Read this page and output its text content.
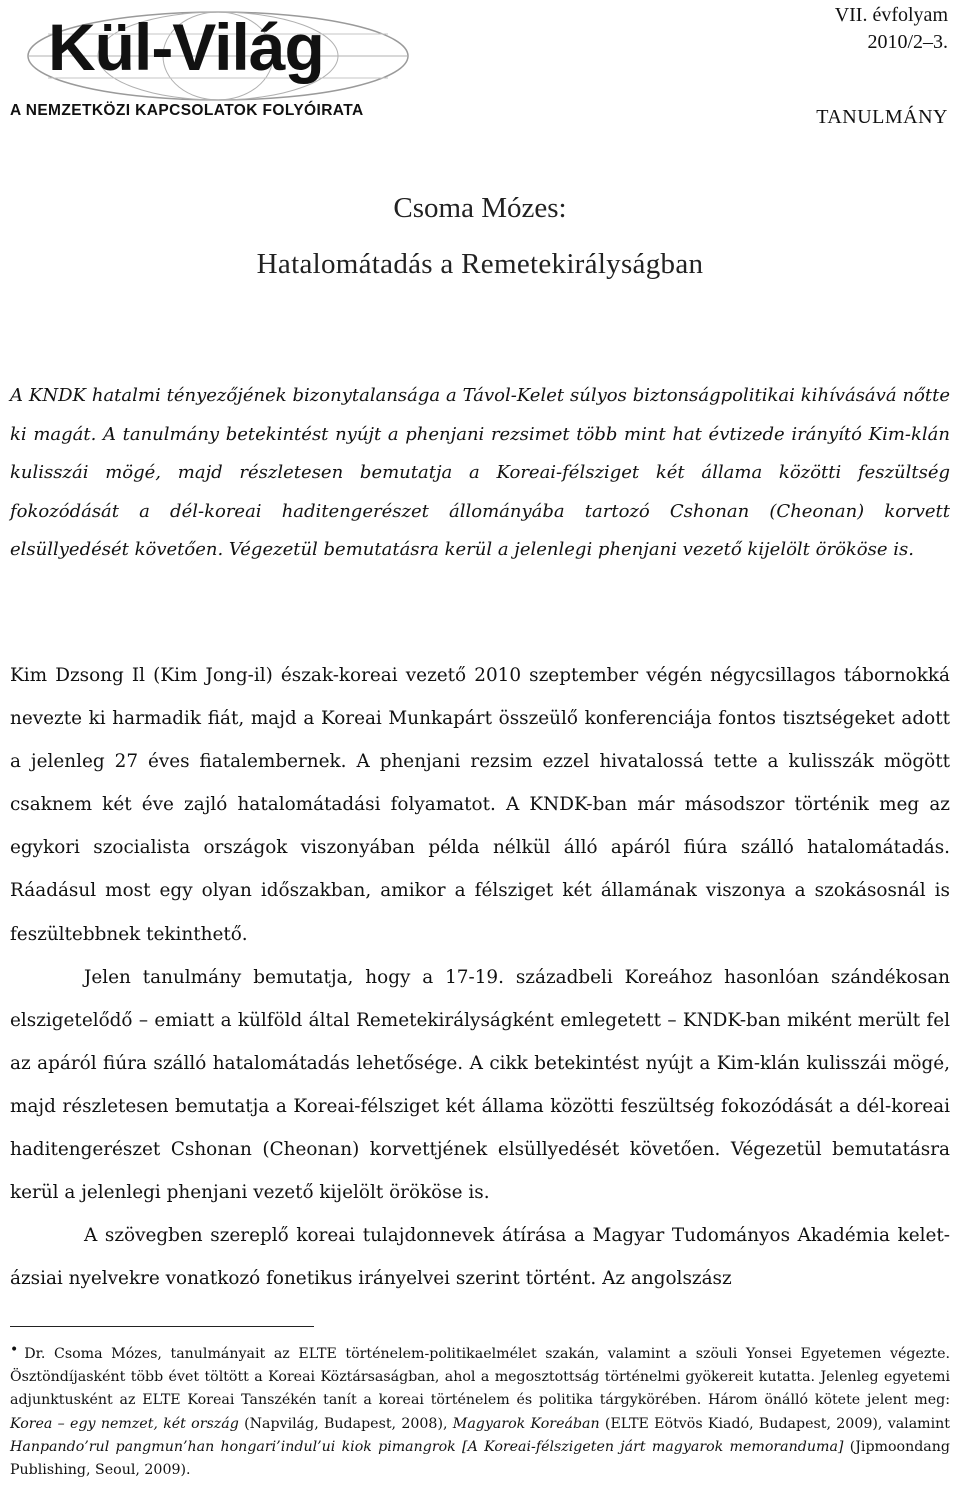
Kül-Világ
A NEMZETKÖZI KAPCSOLATOK FOLYÓIRATA
VII. évfolyam
2010/2–3.
TANULMÁNY
Csoma Mózes:
Hatalomátadás a Remetekirályságban
A KNDK hatalmi tényezőjének bizonytalansága a Távol-Kelet súlyos biztonságpolitikai kihívásává nőtte ki magát. A tanulmány betekintést nyújt a phenjani rezsimet több mint hat évtizede irányító Kim-klán kulisszái mögé, majd részletesen bemutatja a Koreai-félsziget két állama közötti feszültség fokozódását a dél-koreai haditengerészet állományába tartozó Cshonan (Cheonan) korvett elsüllyedését követően. Végezetül bemutatásra kerül a jelenlegi phenjani vezető kijelölt örököse is.

Kim Dzsong Il (Kim Jong-il) észak-koreai vezető 2010 szeptember végén négycsillagos tábornokká nevezte ki harmadik fiát, majd a Koreai Munkapárt összeülő konferenciája fontos tisztségeket adott a jelenleg 27 éves fiatalembernek. A phenjani rezsim ezzel hivatalossá tette a kulisszák mögött csaknem két éve zajló hatalomátadási folyamatot. A KNDK-ban már másodszor történik meg az egykori szocialista országok viszonyában példa nélkül álló apáról fiúra szálló hatalomátadás. Ráadásul most egy olyan időszakban, amikor a félsziget két államának viszonya a szokásosnál is feszültebbnek tekinthető.

Jelen tanulmány bemutatja, hogy a 17-19. századbeli Koreához hasonlóan szándékosan elszigetelődő – emiatt a külföld által Remetekirályságként emlegetett – KNDK-ban miként merült fel az apáról fiúra szálló hatalomátadás lehetősége. A cikk betekintést nyújt a Kim-klán kulisszái mögé, majd részletesen bemutatja a Koreai-félsziget két állama közötti feszültség fokozódását a dél-koreai haditengerészet Cshonan (Cheonan) korvettjének elsüllyedését követően. Végezetül bemutatásra kerül a jelenlegi phenjani vezető kijelölt örököse is.

A szövegben szereplő koreai tulajdonnevek átírása a Magyar Tudományos Akadémia kelet-ázsiai nyelvekre vonatkozó fonetikus irányelvei szerint történt. Az angolszász

• Dr. Csoma Mózes, tanulmányait az ELTE történelem-politikaelmélet szakán, valamint a szöuli Yonsei Egyetemen végezte. Ösztöndíjasként több évet töltött a Koreai Köztársaságban, ahol a megosztottság történelmi gyökereit kutatta. Jelenleg egyetemi adjunktusként az ELTE Koreai Tanszékén tanít a koreai történelem és politika tárgykörében. Három önálló kötete jelent meg: Korea – egy nemzet, két ország (Napvilág, Budapest, 2008), Magyarok Koreában (ELTE Eötvös Kiadó, Budapest, 2009), valamint Hanpando’rul pangmun’han hongari’indul’ui kiok pimangrok [A Koreai-félszigeten járt magyarok memoranduma] (Jipmoondang Publishing, Seoul, 2009).
